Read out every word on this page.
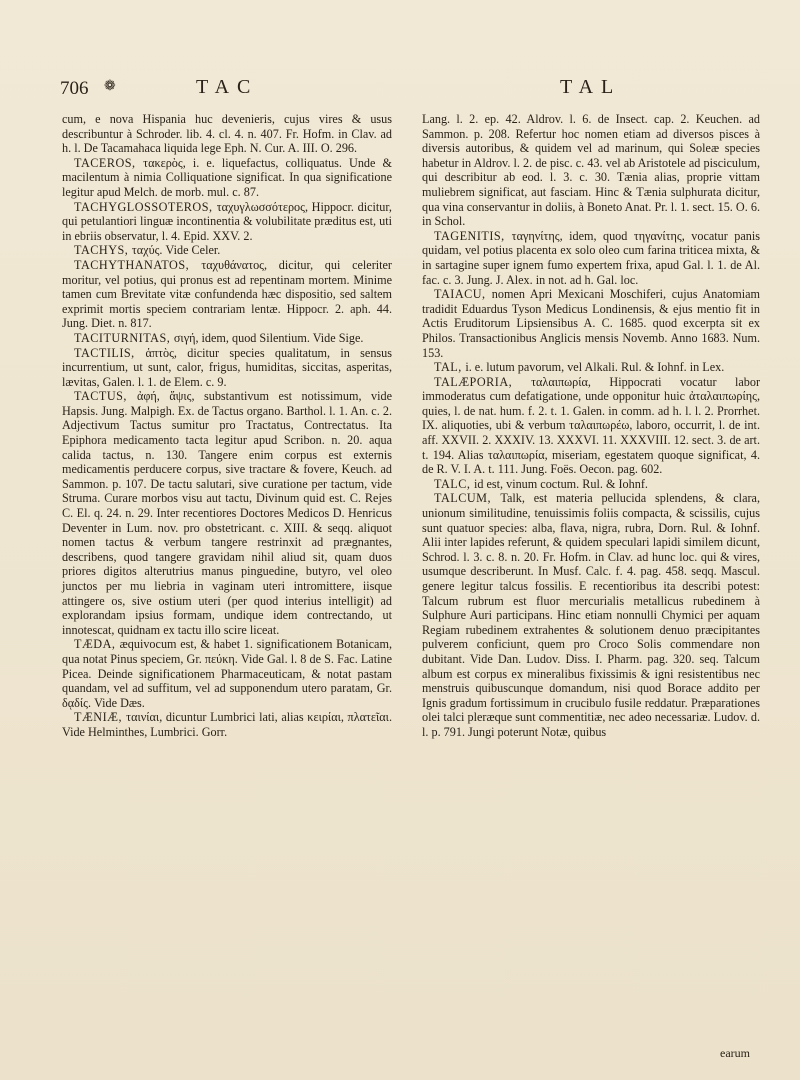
706 ❁	TAC	TAL

cum, e nova Hispania huc devenieris, cujus vires & usus describuntur à Schroder. lib. 4. cl. 4. n. 407. Fr. Hofm. in Clav. ad h. l. De Tacamahaca liquida lege Eph. N. Cur. A. III. O. 296.

TACEROS, τακερὸς, i. e. liquefactus, colliquatus. Unde & macilentum à nimia Colliquatione significat. In qua significatione legitur apud Melch. de morb. mul. c. 87.

TACHYGLOSSOTEROS, ταχυγλωσσότερος, Hippocr. dicitur, qui petulantiori linguæ incontinentia & volubilitate præditus est, uti in ebriis observatur, l. 4. Epid. XXV. 2.

TACHYS, ταχύς. Vide Celer.

TACHYTHANATOS, ταχυθάνατος, dicitur, qui celeriter moritur, vel potius, qui pronus est ad repentinam mortem. Minime tamen cum Brevitate vitæ confundenda hæc dispositio, sed saltem exprimit mortis speciem contrariam lentæ. Hippocr. 2. aph. 44. Jung. Diet. n. 817.

TACITURNITAS, σιγή, idem, quod Silentium. Vide Sige.

TACTILIS, ἁπτὸς, dicitur species qualitatum, in sensus incurrentium, ut sunt, calor, frigus, humiditas, siccitas, asperitas, lævitas, Galen. l. 1. de Elem. c. 9.

TACTUS, ἀφή, ἅψις, substantivum est notissimum, vide Hapsis. Jung. Malpigh. Ex. de Tactus organo. Barthol. l. 1. An. c. 2. Adjectivum Tactus sumitur pro Tractatus, Contrectatus. Ita Epiphora medicamento tacta legitur apud Scribon. n. 20. aqua calida tactus, n. 130. Tangere enim corpus est externis medicamentis perducere corpus, sive tractare & fovere, Keuch. ad Sammon. p. 107. De tactu salutari, sive curatione per tactum, vide Struma. Curare morbos visu aut tactu, Divinum quid est. C. Rejes C. El. q. 24. n. 29. Inter recentiores Doctores Medicos D. Henricus Deventer in Lum. nov. pro obstetricant. c. XIII. & seqq. aliquot nomen tactus & verbum tangere restrinxit ad prægnantes, describens, quod tangere gravidam nihil aliud sit, quam duos priores digitos alterutrius manus pinguedine, butyro, vel oleo junctos per mu liebria in vaginam uteri intromittere, iisque attingere os, sive ostium uteri (per quod interius intelligit) ad explorandam ipsius formam, undique idem contrectando, ut innotescat, quidnam ex tactu illo scire liceat.

TÆDA, æquivocum est, & habet 1. significationem Botanicam, qua notat Pinus speciem, Gr. πεύκη. Vide Gal. l. 8 de S. Fac. Latine Picea. Deinde significationem Pharmaceuticam, & notat pastam quandam, vel ad suffitum, vel ad supponendum utero paratam, Gr. δᾳδίς. Vide Dæs.

TÆNIÆ, ταινίαι, dicuntur Lumbrici lati, alias κειρίαι, πλατεῖαι. Vide Helminthes, Lumbrici. Gorr.

Lang. l. 2. ep. 42. Aldrov. l. 6. de Insect. cap. 2. Keuchen. ad Sammon. p. 208. Refertur hoc nomen etiam ad diversos pisces à diversis autoribus, & quidem vel ad marinum, qui Soleæ species habetur in Aldrov. l. 2. de pisc. c. 43. vel ab Aristotele ad pisciculum, qui describitur ab eod. l. 3. c. 30. Tænia alias, proprie vittam muliebrem significat, aut fasciam. Hinc & Tænia sulphurata dicitur, qua vina conservantur in doliis, à Boneto Anat. Pr. l. 1. sect. 15. O. 6. in Schol.

TAGENITIS, ταγηνίτης, idem, quod τηγανίτης, vocatur panis quidam, vel potius placenta ex solo oleo cum farina triticea mixta, & in sartagine super ignem fumo expertem frixa, apud Gal. l. 1. de Al. fac. c. 3. Jung. J. Alex. in not. ad h. Gal. loc.

TAIACU, nomen Apri Mexicani Moschiferi, cujus Anatomiam tradidit Eduardus Tyson Medicus Londinensis, & ejus mentio fit in Actis Eruditorum Lipsiensibus A. C. 1685. quod excerpta sit ex Philos. Transactionibus Anglicis mensis Novemb. Anno 1683. Num. 153.

TAL, i. e. lutum pavorum, vel Alkali. Rul. & Iohnf. in Lex.

TALÆPORIA, ταλαιπωρία, Hippocrati vocatur labor immoderatus cum defatigatione, unde opponitur huic ἀταλαιπωρίης, quies, l. de nat. hum. f. 2. t. 1. Galen. in comm. ad h. l. l. 2. Prorrhet. IX. aliquoties, ubi & verbum ταλαιπωρέω, laboro, occurrit, l. de int. aff. XXVII. 2. XXXIV. 13. XXXVI. 11. XXXVIII. 12. sect. 3. de art. t. 194. Alias ταλαιπωρία, miseriam, egestatem quoque significat, 4. de R. V. I. A. t. 111. Jung. Foës. Oecon. pag. 602.

TALC, id est, vinum coctum. Rul. & Iohnf.

TALCUM, Talk, est materia pellucida splendens, & clara, unionum similitudine, tenuissimis foliis compacta, & scissilis, cujus sunt quatuor species: alba, flava, nigra, rubra, Dorn. Rul. & Iohnf. Alii inter lapides referunt, & quidem speculari lapidi similem dicunt, Schrod. l. 3. c. 8. n. 20. Fr. Hofm. in Clav. ad hunc loc. qui & vires, usumque describerunt. In Musf. Calc. f. 4. pag. 458. seqq. Mascul. genere legitur talcus fossilis. E recentioribus ita describi potest: Talcum rubrum est fluor mercurialis metallicus rubedinem à Sulphure Auri participans. Hinc etiam nonnulli Chymici per aquam Regiam rubedinem extrahentes & solutionem denuo præcipitantes pulverem conficiunt, quem pro Croco Solis commendare non dubitant. Vide Dan. Ludov. Diss. I. Pharm. pag. 320. seq. Talcum album est corpus ex mineralibus fixissimis & igni resistentibus nec menstruis quibuscunque domandum, nisi quod Borace addito per Ignis gradum fortissimum in crucibulo fusile reddatur. Præparationes olei talci pleræque sunt commentitiæ, nec adeo necessariæ. Ludov. d. l. p. 791. Jungi poterunt Notæ, quibus

earum
